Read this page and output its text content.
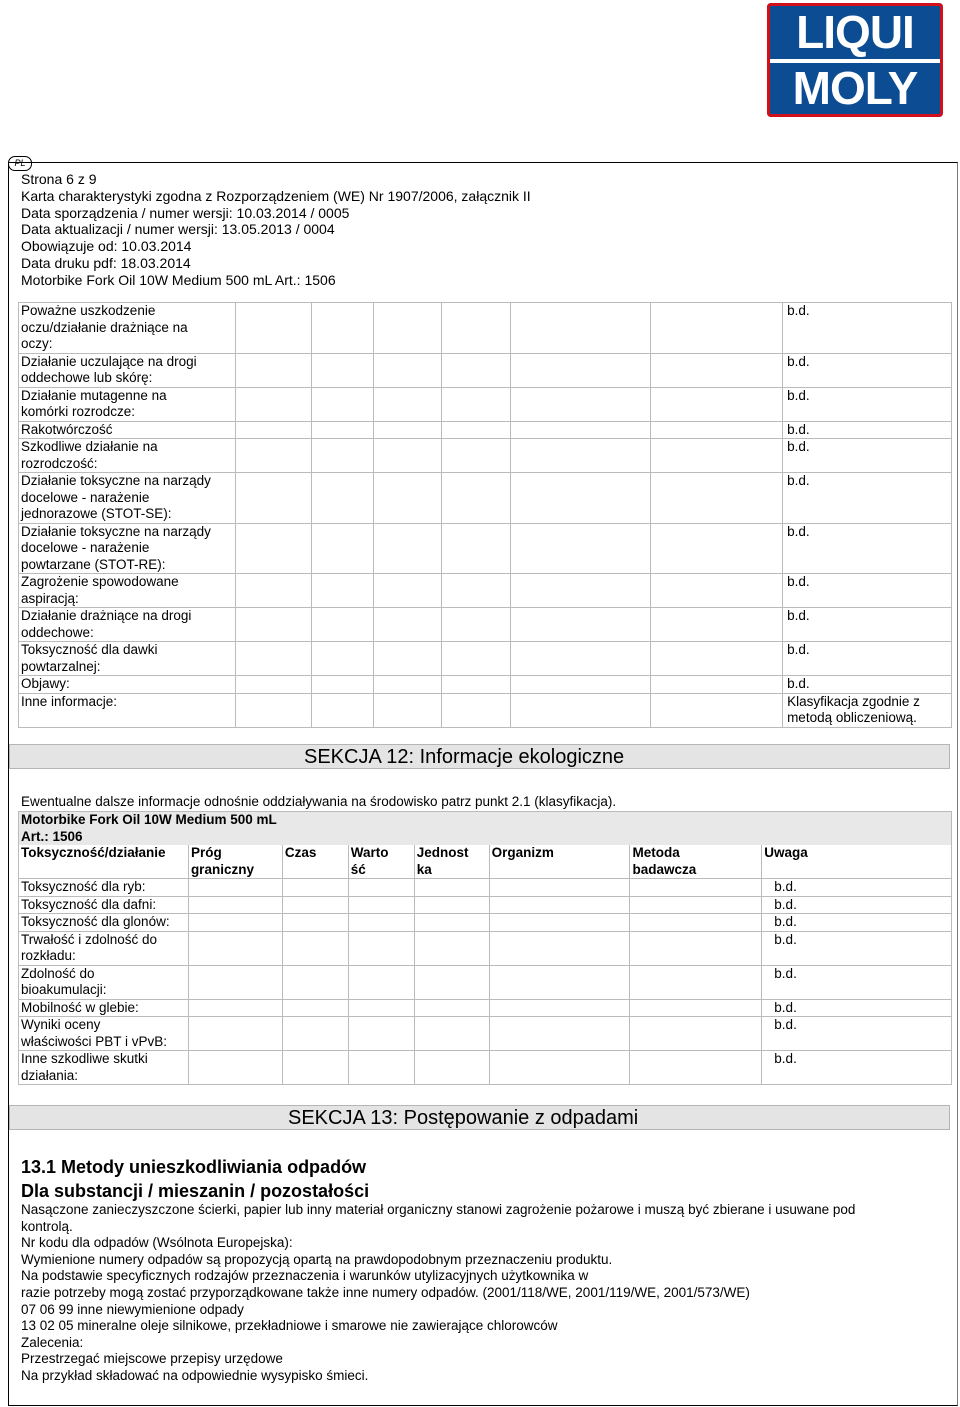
LIQUI
MOLY
PL
Strona 6 z 9
Karta charakterystyki zgodna z Rozporządzeniem (WE) Nr 1907/2006, załącznik II
Data sporządzenia / numer wersji: 10.03.2014 / 0005
Data aktualizacji / numer wersji: 13.05.2013 / 0004
Obowiązuje od: 10.03.2014
Data druku pdf: 18.03.2014
Motorbike Fork Oil 10W Medium 500 mL Art.: 1506
Poważne uszkodzenie
oczu/działanie drażniące na
oczy:							b.d.
Działanie uczulające na drogi
oddechowe lub skórę:							b.d.
Działanie mutagenne na
komórki rozrodcze:							b.d.
Rakotwórczość							b.d.
Szkodliwe działanie na
rozrodczość:							b.d.
Działanie toksyczne na narządy
docelowe - narażenie
jednorazowe (STOT-SE):							b.d.
Działanie toksyczne na narządy
docelowe - narażenie
powtarzane (STOT-RE):							b.d.
Zagrożenie spowodowane
aspiracją:							b.d.
Działanie drażniące na drogi
oddechowe:							b.d.
Toksyczność dla dawki
powtarzalnej:							b.d.
Objawy:							b.d.
Inne informacje:							Klasyfikacja zgodnie z
metodą obliczeniową.
SEKCJA 12: Informacje ekologiczne
Ewentualne dalsze informacje odnośnie oddziaływania na środowisko patrz punkt 2.1 (klasyfikacja).
Motorbike Fork Oil 10W Medium 500 mL
Art.: 1506							

Toksyczność/działanie	Próg
graniczny	Czas	Warto
ść	Jednost
ka	Organizm	Metoda
badawcza	Uwaga
Toksyczność dla ryb:							b.d.
Toksyczność dla dafni:							b.d.
Toksyczność dla glonów:							b.d.
Trwałość i zdolność do
rozkładu:							b.d.
Zdolność do
bioakumulacji:							b.d.
Mobilność w glebie:							b.d.
Wyniki oceny
właściwości PBT i vPvB:							b.d.
Inne szkodliwe skutki
działania:							b.d.
SEKCJA 13: Postępowanie z odpadami
13.1 Metody unieszkodliwiania odpadów
Dla substancji / mieszanin / pozostałości
Nasączone zanieczyszczone ścierki, papier lub inny materiał organiczny stanowi zagrożenie pożarowe i muszą być zbierane i usuwane pod
kontrolą.
Nr kodu dla odpadów (Wsólnota Europejska):
Wymienione numery odpadów są propozycją opartą na prawdopodobnym przeznaczeniu produktu.
Na podstawie specyficznych rodzajów przeznaczenia i warunków utylizacyjnych użytkownika w
razie potrzeby mogą zostać przyporządkowane także inne numery odpadów. (2001/118/WE, 2001/119/WE, 2001/573/WE)
07 06 99 inne niewymienione odpady
13 02 05 mineralne oleje silnikowe, przekładniowe i smarowe nie zawierające chlorowców
Zalecenia:
Przestrzegać miejscowe przepisy urzędowe
Na przykład składować na odpowiednie wysypisko śmieci.
